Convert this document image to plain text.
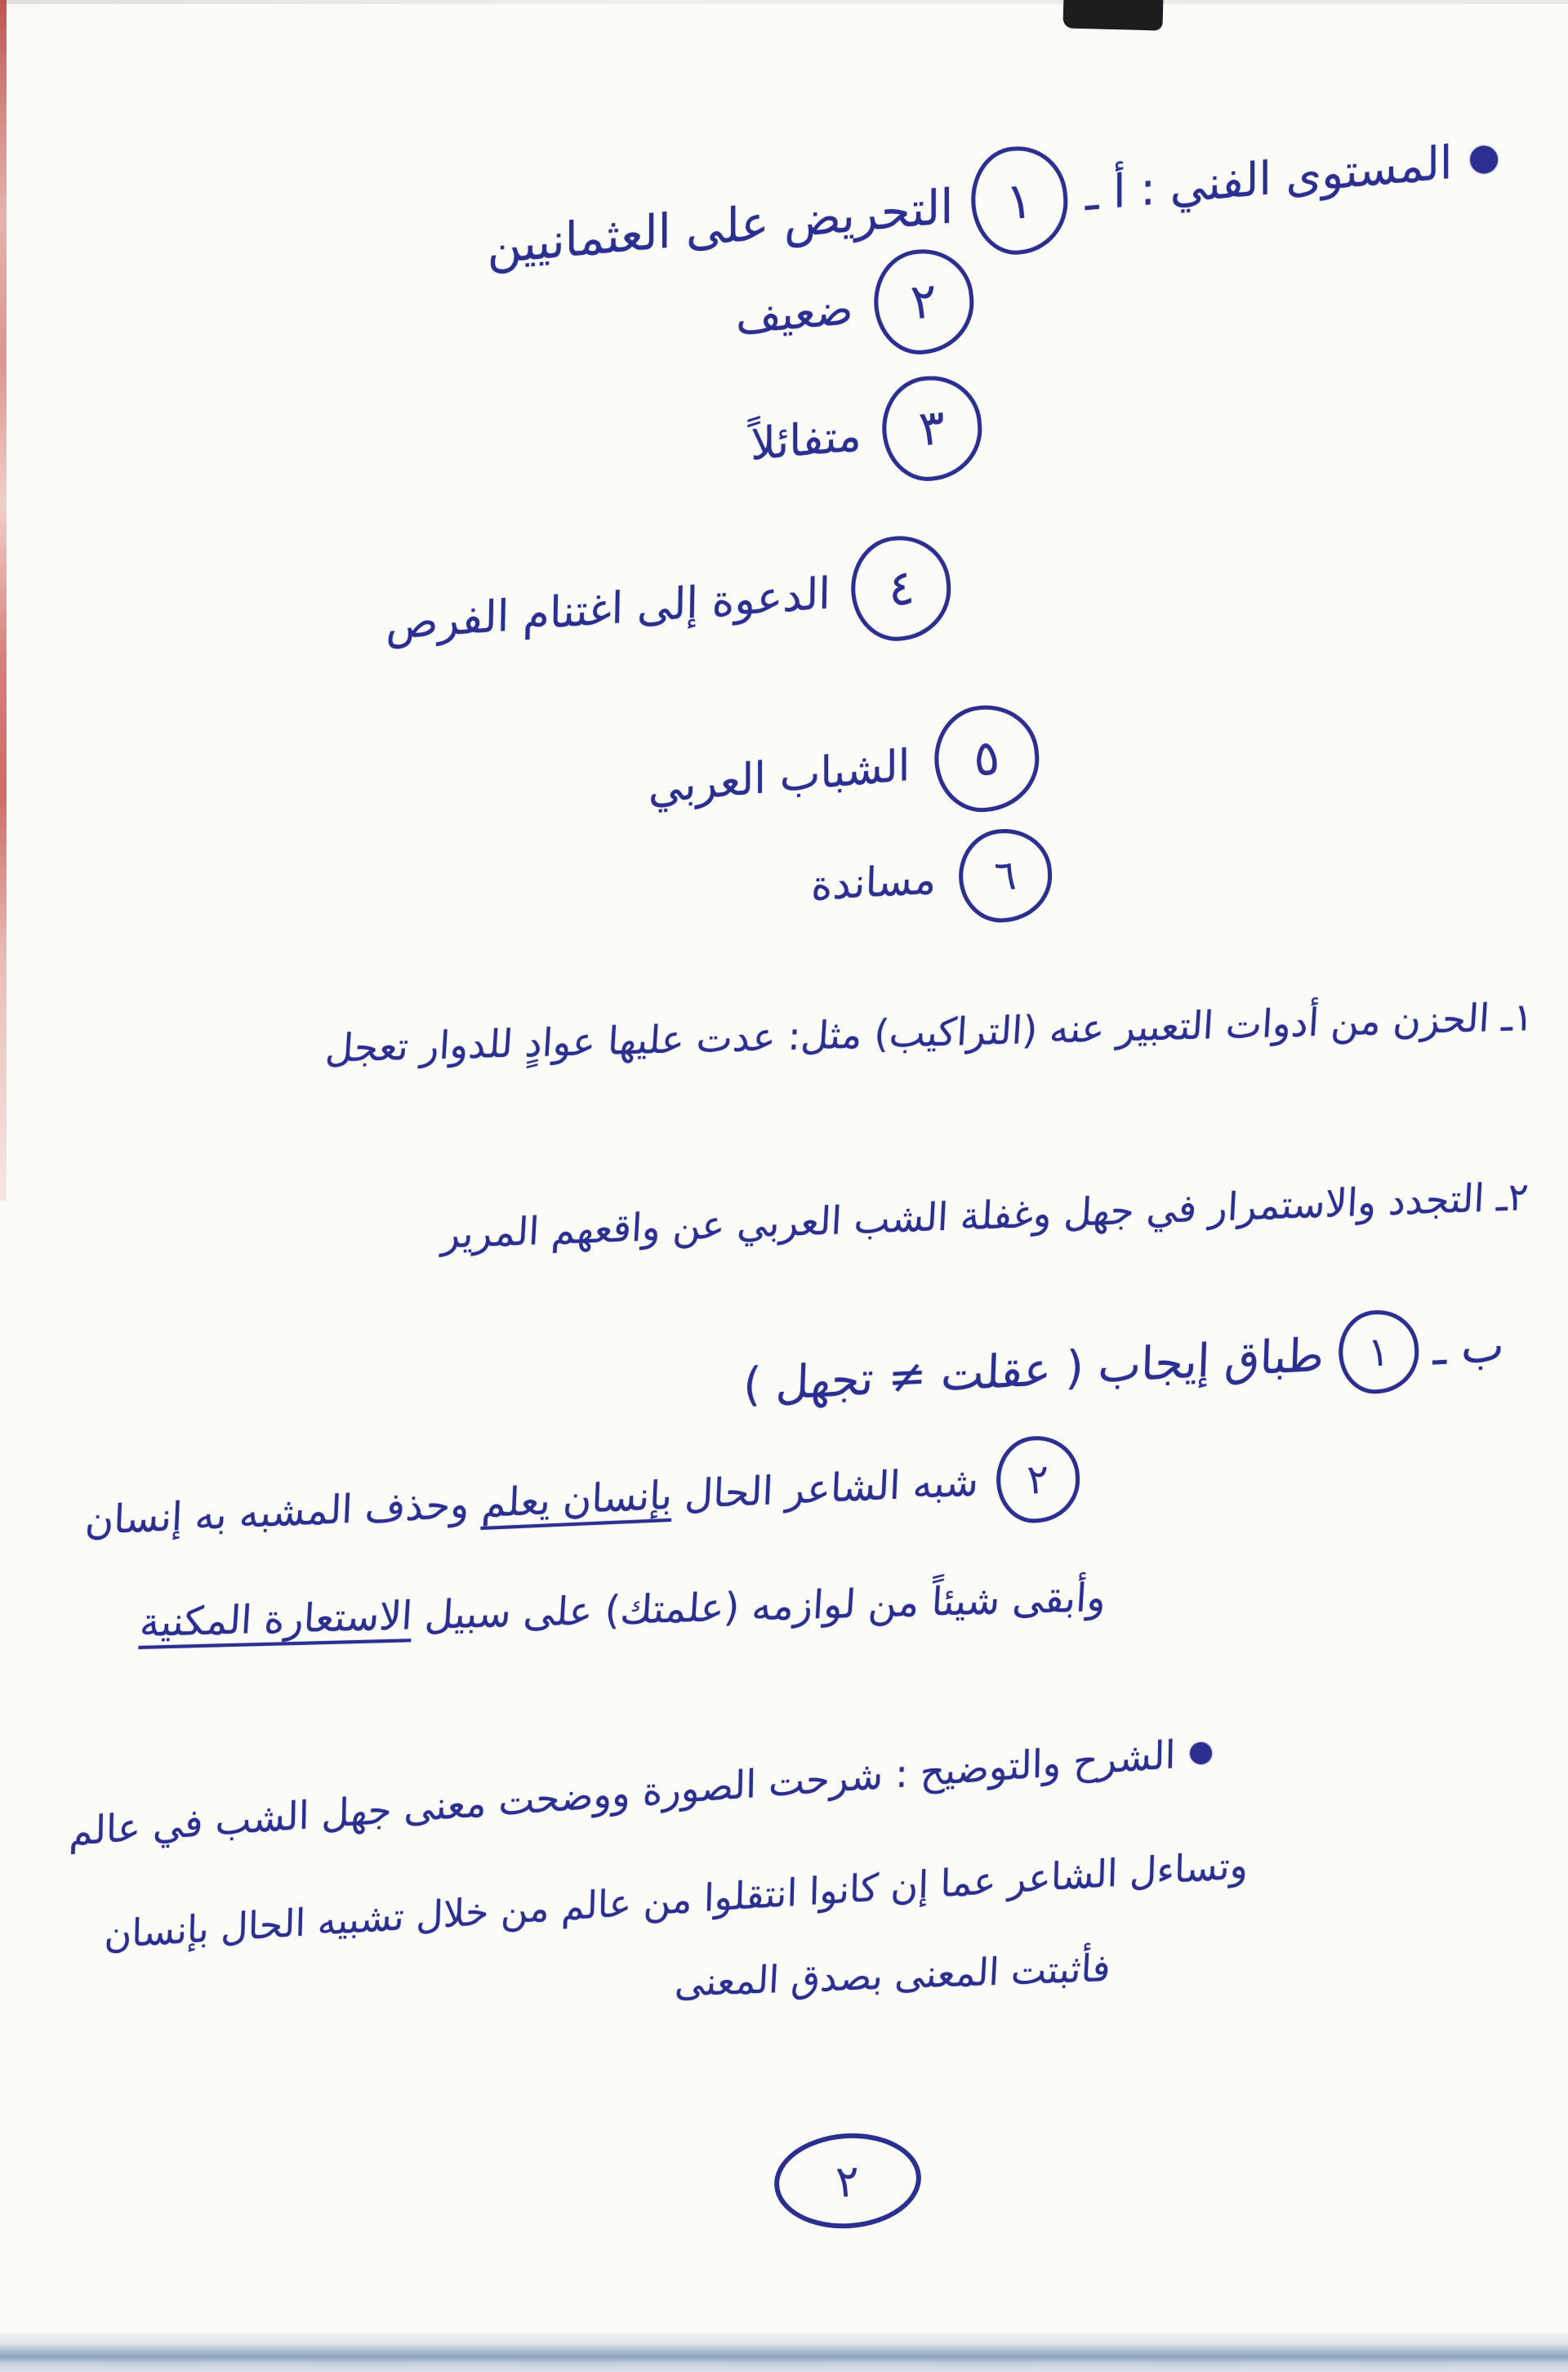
المستوى الفني : أ ـ
١
التحريض على العثمانيين
٢
ضعيف
٣
متفائلاً
٤
الدعوة إلى اغتنام الفرص
٥
الشباب العربي
٦
مساندة
١ـ الحزن من أدوات التعبير عنه (التراكيب) مثل: عدت عليها عوادٍ للدوار تعجل
٢ـ التجدد والاستمرار في جهل وغفلة الشب العربي عن واقعهم المرير
ب ـ
١
طباق إيجاب ( عقلت ≠ تجهل )
٢
شبه الشاعر الحال بإنسان يعلم وحذف المشبه به إنسان
وأبقى شيئاً من لوازمه (علمتك) على سبيل الاستعارة المكنية
الشرح والتوضيح : شرحت الصورة ووضحت معنى جهل الشب في عالم
وتساءل الشاعر عما إن كانوا انتقلوا من عالم من خلال تشبيه الحال بإنسان
فأثبتت المعنى بصدق المعنى
٢
